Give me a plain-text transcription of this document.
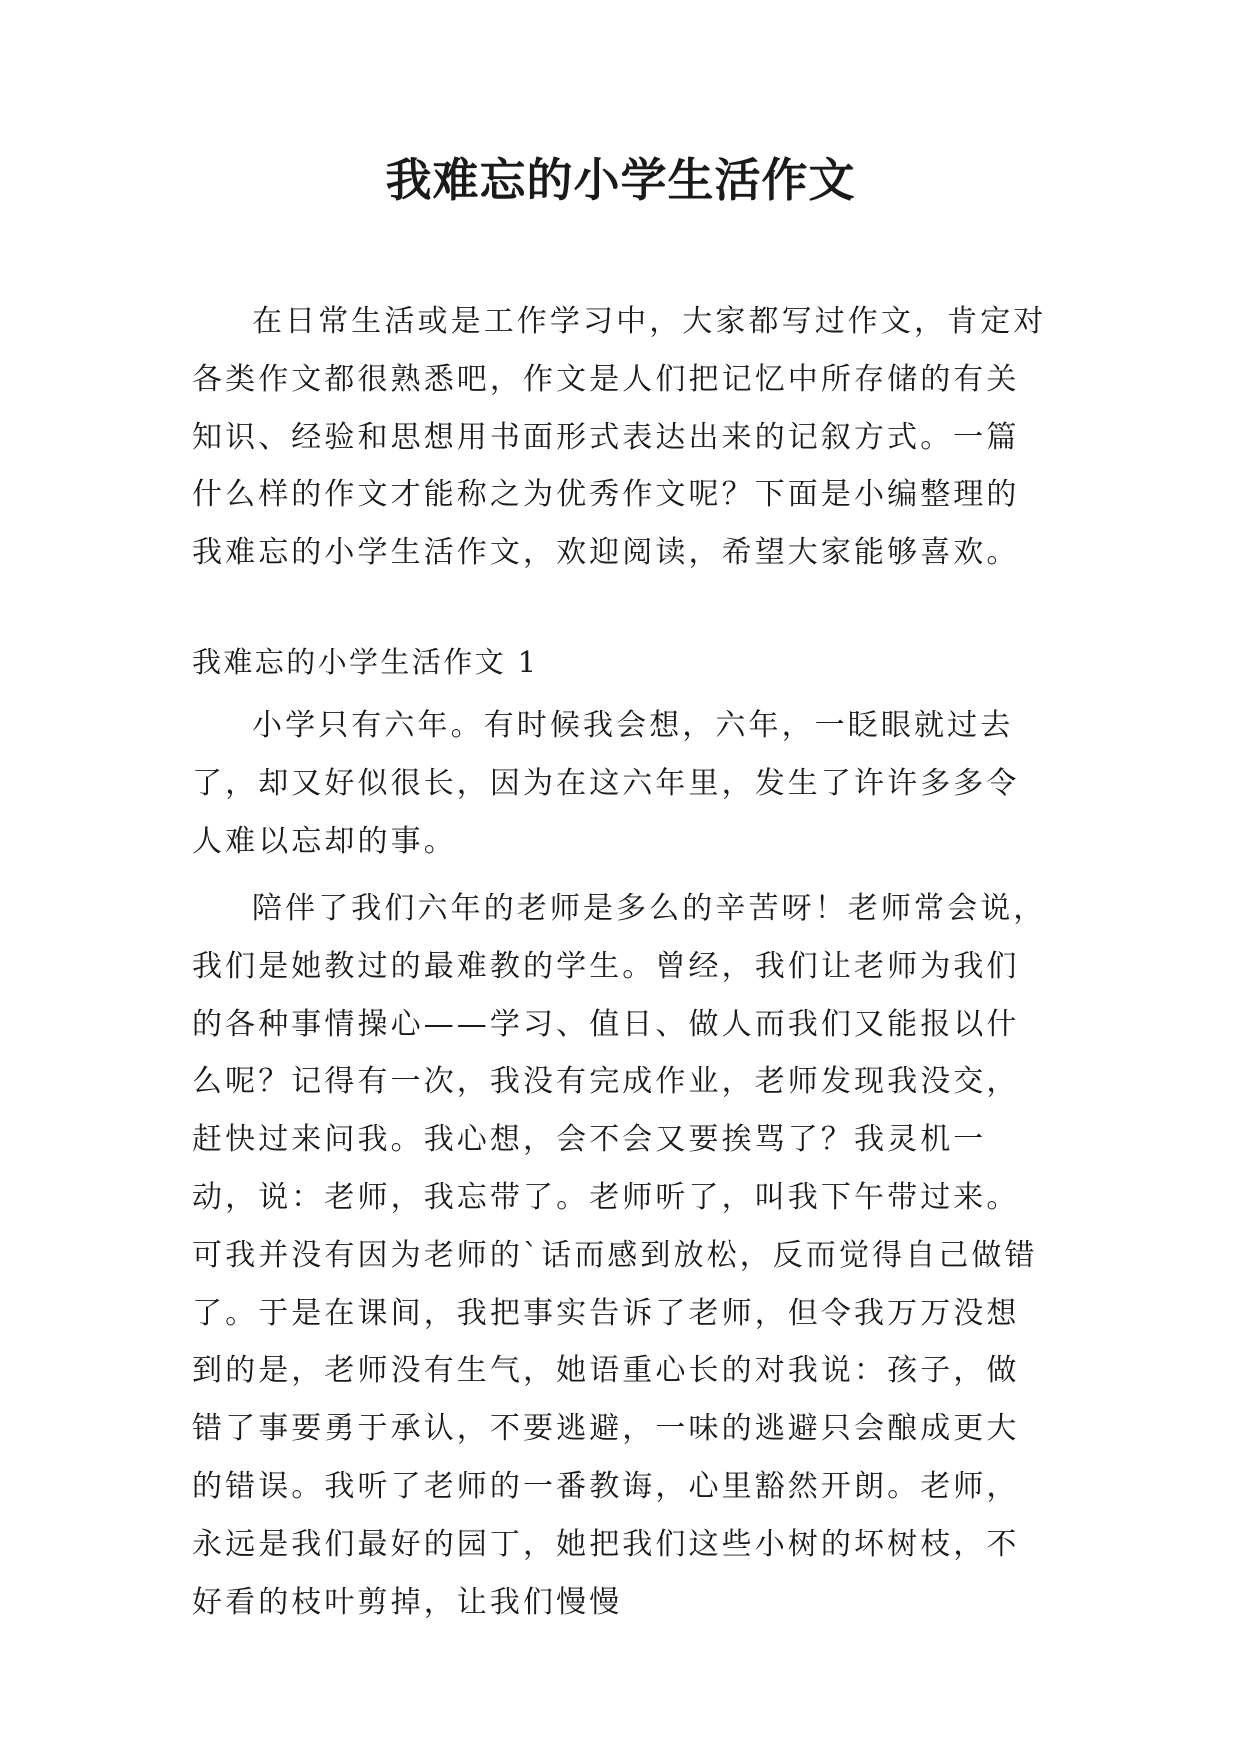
我难忘的小学生活作文

在日常生活或是工作学习中，大家都写过作文，肯定对各类作文都很熟悉吧，作文是人们把记忆中所存储的有关知识、经验和思想用书面形式表达出来的记叙方式。一篇什么样的作文才能称之为优秀作文呢？下面是小编整理的我难忘的小学生活作文，欢迎阅读，希望大家能够喜欢。

我难忘的小学生活作文 1

小学只有六年。有时候我会想，六年，一眨眼就过去了，却又好似很长，因为在这六年里，发生了许许多多令人难以忘却的事。

陪伴了我们六年的老师是多么的辛苦呀！老师常会说，我们是她教过的最难教的学生。曾经，我们让老师为我们的各种事情操心——学习、值日、做人而我们又能报以什么呢？记得有一次，我没有完成作业，老师发现我没交，赶快过来问我。我心想，会不会又要挨骂了？我灵机一动，说：老师，我忘带了。老师听了，叫我下午带过来。可我并没有因为老师的`话而感到放松，反而觉得自己做错了。于是在课间，我把事实告诉了老师，但令我万万没想到的是，老师没有生气，她语重心长的对我说：孩子，做错了事要勇于承认，不要逃避，一味的逃避只会酿成更大的错误。我听了老师的一番教诲，心里豁然开朗。老师，永远是我们最好的园丁，她把我们这些小树的坏树枝，不好看的枝叶剪掉，让我们慢慢
